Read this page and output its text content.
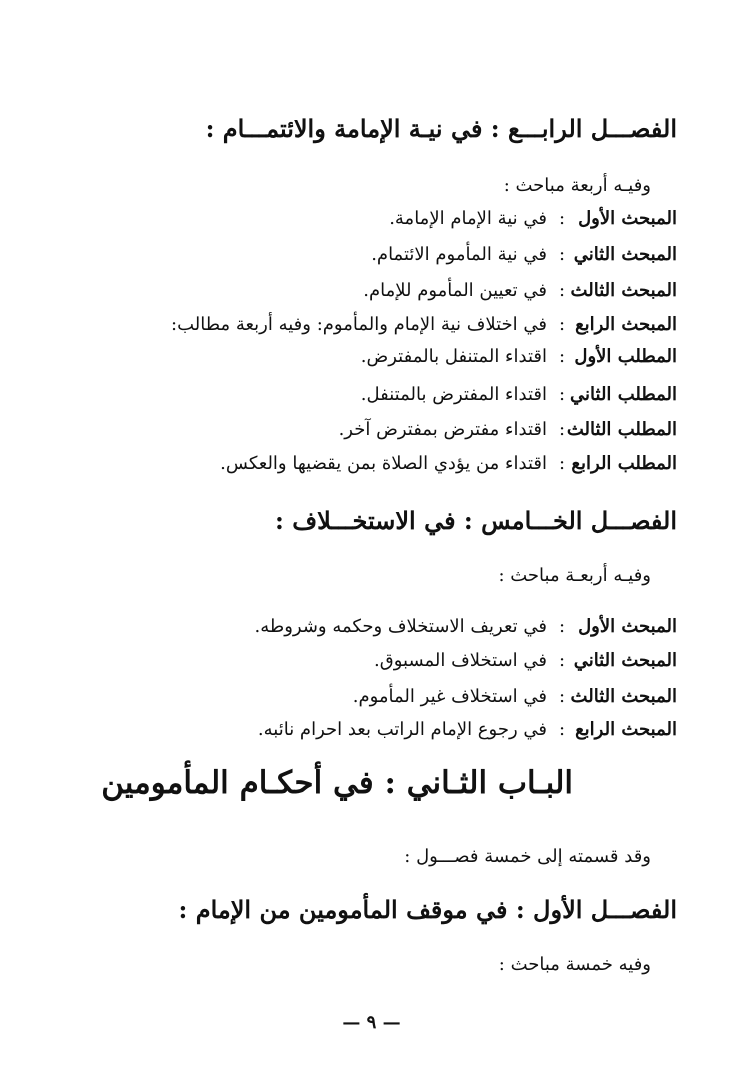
الفصـــل الرابـــع : في نيـة الإمامة والائتمـــام :
وفيـه أربعة مباحث :
المبحث الأول
:
في نية الإمام الإمامة.
المبحث الثاني
:
في نية المأموم الائتمام.
المبحث الثالث
:
في تعيين المأموم للإمام.
المبحث الرابع
:
في اختلاف نية الإمام والمأموم: وفيه أربعة مطالب:
المطلب الأول
:
اقتداء المتنفل بالمفترض.
المطلب الثاني
:
اقتداء المفترض بالمتنفل.
المطلب الثالث
:
اقتداء مفترض بمفترض آخر.
المطلب الرابع
:
اقتداء من يؤدي الصلاة بمن يقضيها والعكس.
الفصـــل الخـــامس : في الاستخـــلاف :
وفيـه أربعـة مباحث :
المبحث الأول
:
في تعريف الاستخلاف وحكمه وشروطه.
المبحث الثاني
:
في استخلاف المسبوق.
المبحث الثالث
:
في استخلاف غير المأموم.
المبحث الرابع
:
في رجوع الإمام الراتب بعد احرام نائبه.
البـاب الثـاني : في أحكـام المأمومين
وقد قسمته إلى خمسة فصـــول :
الفصـــل الأول : في موقف المأمومين من الإمام :
وفيه خمسة مباحث :
— ٩ —
